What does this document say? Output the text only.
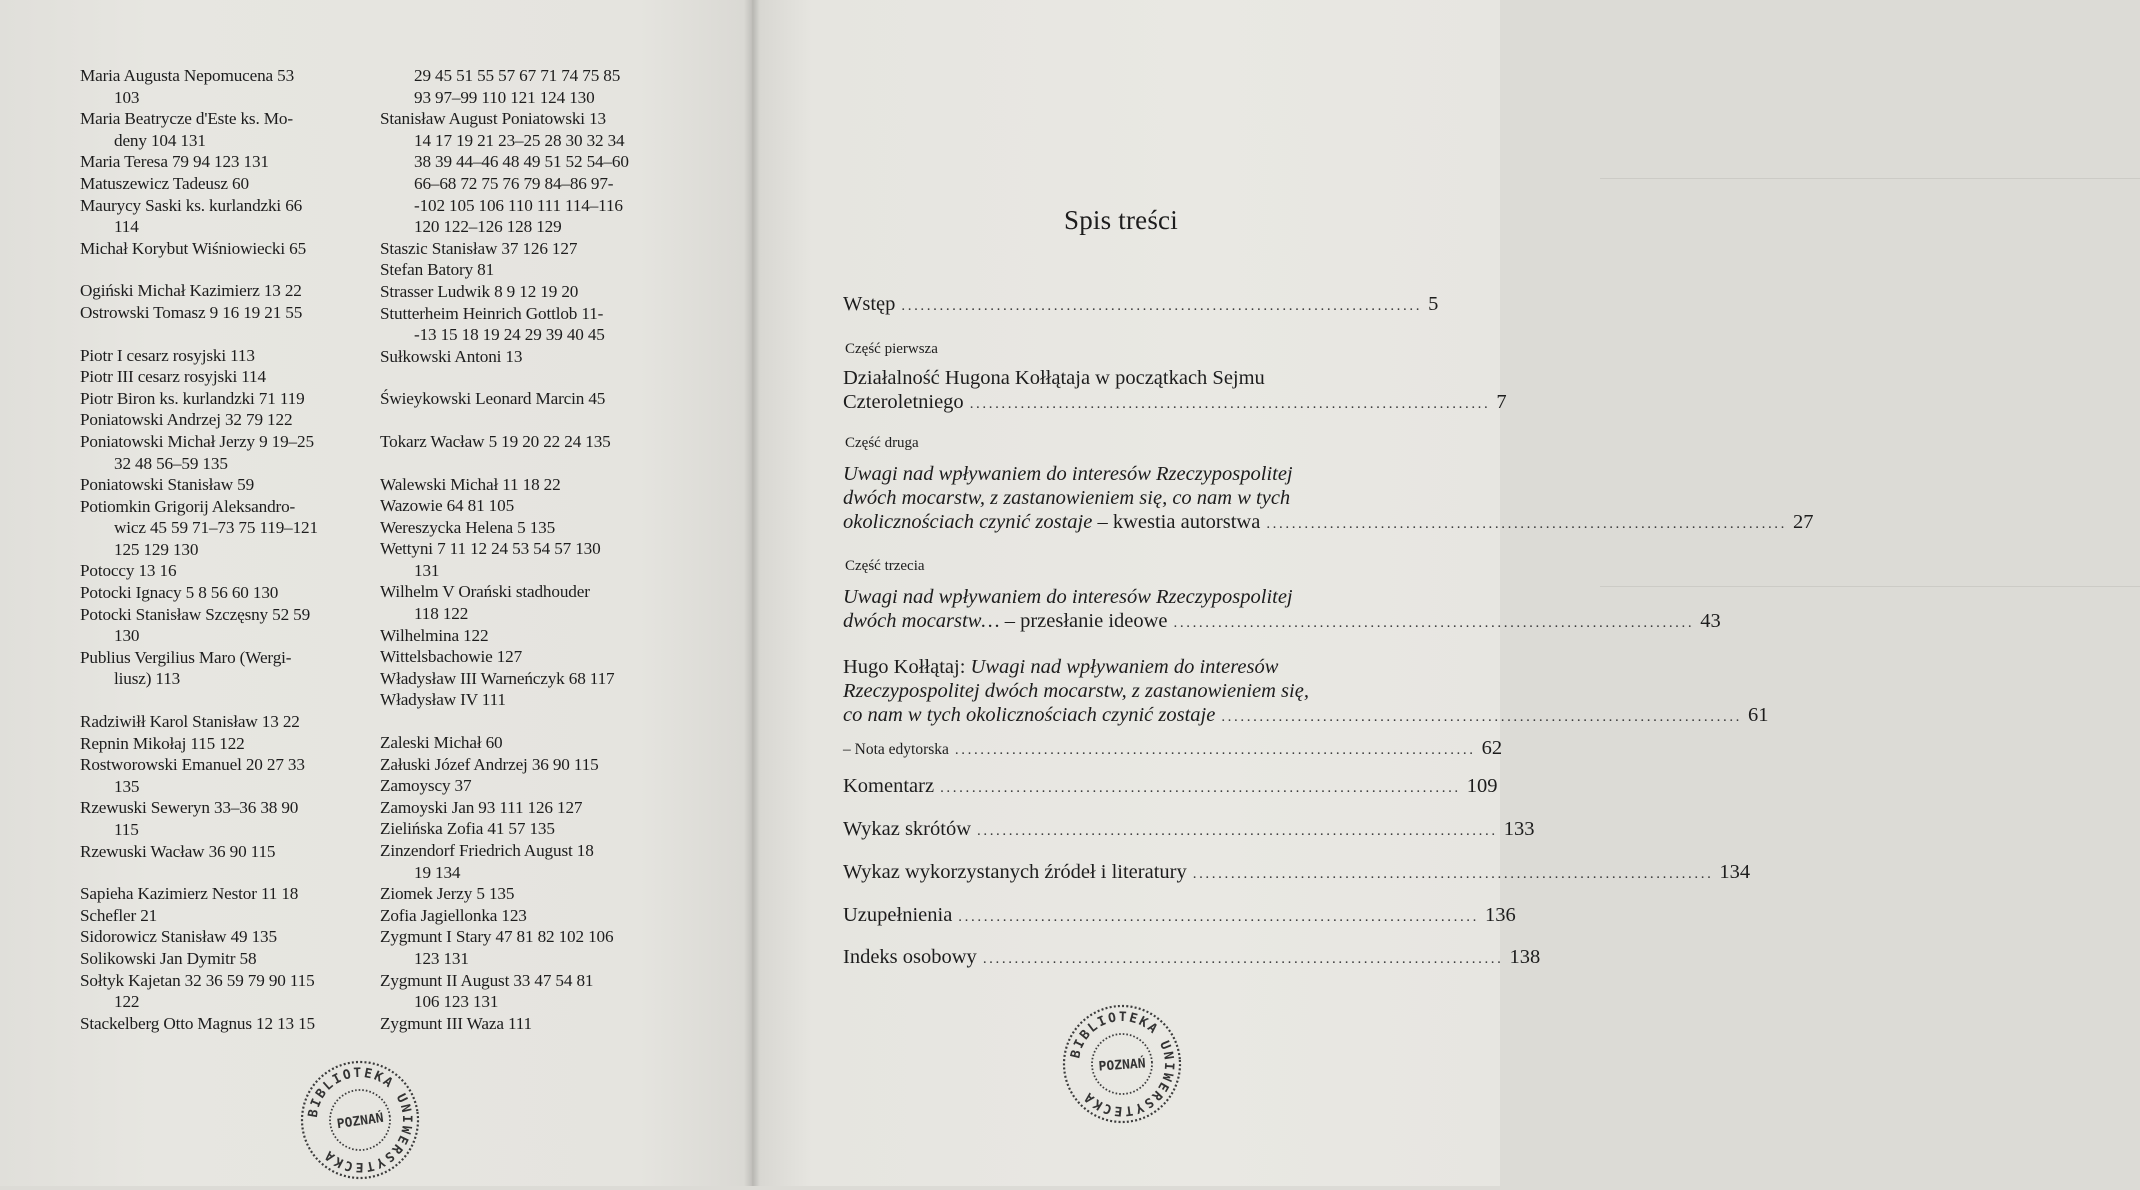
Maria Augusta Nepomucena 53
103
Maria Beatrycze d'Este ks. Mo-
deny 104 131
Maria Teresa 79 94 123 131
Matuszewicz Tadeusz 60
Maurycy Saski ks. kurlandzki 66
114
Michał Korybut Wiśniowiecki 65
Ogiński Michał Kazimierz 13 22
Ostrowski Tomasz 9 16 19 21 55
Piotr I cesarz rosyjski 113
Piotr III cesarz rosyjski 114
Piotr Biron ks. kurlandzki 71 119
Poniatowski Andrzej 32 79 122
Poniatowski Michał Jerzy 9 19–25
32 48 56–59 135
Poniatowski Stanisław 59
Potiomkin Grigorij Aleksandro-
wicz 45 59 71–73 75 119–121
125 129 130
Potoccy 13 16
Potocki Ignacy 5 8 56 60 130
Potocki Stanisław Szczęsny 52 59
130
Publius Vergilius Maro (Wergi-
liusz) 113
Radziwiłł Karol Stanisław 13 22
Repnin Mikołaj 115 122
Rostworowski Emanuel 20 27 33
135
Rzewuski Seweryn 33–36 38 90
115
Rzewuski Wacław 36 90 115
Sapieha Kazimierz Nestor 11 18
Schefler 21
Sidorowicz Stanisław 49 135
Solikowski Jan Dymitr 58
Sołtyk Kajetan 32 36 59 79 90 115
122
Stackelberg Otto Magnus 12 13 15
29 45 51 55 57 67 71 74 75 85
93 97–99 110 121 124 130
Stanisław August Poniatowski 13
14 17 19 21 23–25 28 30 32 34
38 39 44–46 48 49 51 52 54–60
66–68 72 75 76 79 84–86 97-
-102 105 106 110 111 114–116
120 122–126 128 129
Staszic Stanisław 37 126 127
Stefan Batory 81
Strasser Ludwik 8 9 12 19 20
Stutterheim Heinrich Gottlob 11-
-13 15 18 19 24 29 39 40 45
Sułkowski Antoni 13
Świeykowski Leonard Marcin 45
Tokarz Wacław 5 19 20 22 24 135
Walewski Michał 11 18 22
Wazowie 64 81 105
Wereszycka Helena 5 135
Wettyni 7 11 12 24 53 54 57 130
131
Wilhelm V Orański stadhouder
118 122
Wilhelmina 122
Wittelsbachowie 127
Władysław III Warneńczyk 68 117
Władysław IV 111
Zaleski Michał 60
Załuski Józef Andrzej 36 90 115
Zamoyscy 37
Zamoyski Jan 93 111 126 127
Zielińska Zofia 41 57 135
Zinzendorf Friedrich August 18
19 134
Ziomek Jerzy 5 135
Zofia Jagiellonka 123
Zygmunt I Stary 47 81 82 102 106
123 131
Zygmunt II August 33 47 54 81
106 123 131
Zygmunt III Waza 111
BIBLIOTEKA UNIWERSYTECKA
POZNAŃ
Spis treści
Wstęp .................................................................................. 5
Część pierwsza
Działalność Hugona Kołłątaja w początkach Sejmu
Czteroletniego .................................................................................. 7
Część druga
Uwagi nad wpływaniem do interesów Rzeczypospolitej
dwóch mocarstw, z zastanowieniem się, co nam w tych
okolicznościach czynić zostaje – kwestia autorstwa .................................................................................. 27
Część trzecia
Uwagi nad wpływaniem do interesów Rzeczypospolitej
dwóch mocarstw… – przesłanie ideowe .................................................................................. 43
Hugo Kołłątaj: Uwagi nad wpływaniem do interesów
Rzeczypospolitej dwóch mocarstw, z zastanowieniem się,
co nam w tych okolicznościach czynić zostaje .................................................................................. 61
– Nota edytorska .................................................................................. 62
Komentarz .................................................................................. 109
Wykaz skrótów .................................................................................. 133
Wykaz wykorzystanych źródeł i literatury .................................................................................. 134
Uzupełnienia .................................................................................. 136
Indeks osobowy .................................................................................. 138
BIBLIOTEKA UNIWERSYTECKA
POZNAŃ
